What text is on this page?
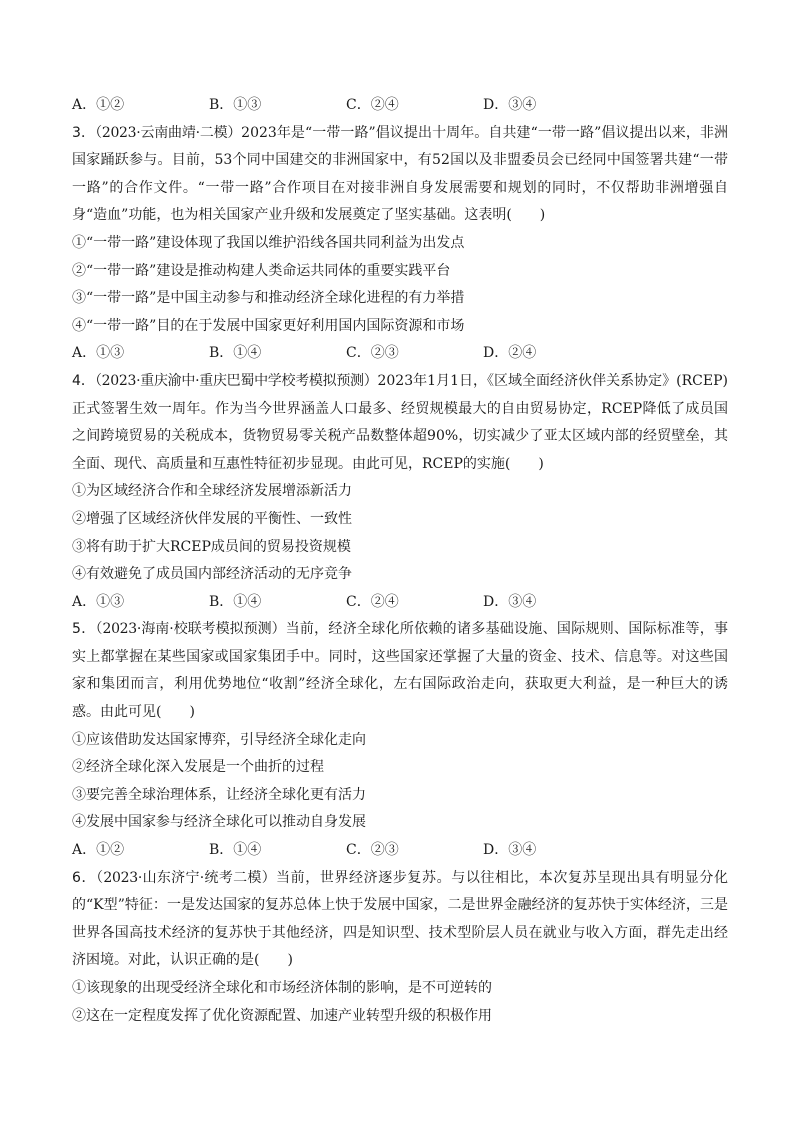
A．①②	B．①③	C．②④	D．③④

3．（2023·云南曲靖·二模）2023年是“一带一路”倡议提出十周年。自共建“一带一路”倡议提出以来，非洲国家踊跃参与。目前，53个同中国建交的非洲国家中，有52国以及非盟委员会已经同中国签署共建“一带一路”的合作文件。“一带一路”合作项目在对接非洲自身发展需要和规划的同时，不仅帮助非洲增强自身“造血”功能，也为相关国家产业升级和发展奠定了坚实基础。这表明(　　)

①“一带一路”建设体现了我国以维护沿线各国共同利益为出发点

②“一带一路”建设是推动构建人类命运共同体的重要实践平台

③“一带一路”是中国主动参与和推动经济全球化进程的有力举措

④“一带一路”目的在于发展中国家更好利用国内国际资源和市场

A．①③	B．①④	C．②③	D．②④

4．（2023·重庆渝中·重庆巴蜀中学校考模拟预测）2023年1月1日，《区域全面经济伙伴关系协定》(RCEP)正式签署生效一周年。作为当今世界涵盖人口最多、经贸规模最大的自由贸易协定，RCEP降低了成员国之间跨境贸易的关税成本，货物贸易零关税产品数整体超90%，切实减少了亚太区域内部的经贸壁垒，其全面、现代、高质量和互惠性特征初步显现。由此可见，RCEP的实施(　　)

①为区域经济合作和全球经济发展增添新活力

②增强了区域经济伙伴发展的平衡性、一致性

③将有助于扩大RCEP成员间的贸易投资规模

④有效避免了成员国内部经济活动的无序竞争

A．①③	B．①④	C．②④	D．③④

5．（2023·海南·校联考模拟预测）当前，经济全球化所依赖的诸多基础设施、国际规则、国际标准等，事实上都掌握在某些国家或国家集团手中。同时，这些国家还掌握了大量的资金、技术、信息等。对这些国家和集团而言，利用优势地位“收割”经济全球化，左右国际政治走向，获取更大利益，是一种巨大的诱惑。由此可见(　　)

①应该借助发达国家博弈，引导经济全球化走向

②经济全球化深入发展是一个曲折的过程

③要完善全球治理体系，让经济全球化更有活力

④发展中国家参与经济全球化可以推动自身发展

A．①②	B．①④	C．②③	D．③④

6．（2023·山东济宁·统考二模）当前，世界经济逐步复苏。与以往相比，本次复苏呈现出具有明显分化的“K型”特征：一是发达国家的复苏总体上快于发展中国家，二是世界金融经济的复苏快于实体经济，三是世界各国高技术经济的复苏快于其他经济，四是知识型、技术型阶层人员在就业与收入方面，群先走出经济困境。对此，认识正确的是(　　)

①该现象的出现受经济全球化和市场经济体制的影响，是不可逆转的

②这在一定程度发挥了优化资源配置、加速产业转型升级的积极作用
